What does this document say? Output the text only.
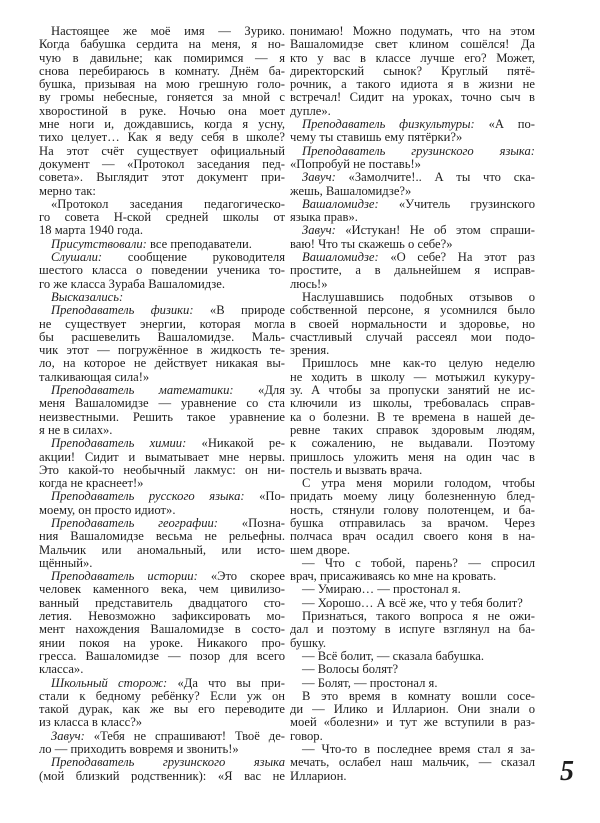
Настоящее же моё имя — Зурико.
Когда бабушка сердита на меня, я но-
чую в давильне; как помиримся — я
снова перебираюсь в комнату. Днём ба-
бушка, призывая на мою грешную голо-
ву громы небесные, гоняется за мной с
хворостиной в руке. Ночью она моет
мне ноги и, дождавшись, когда я усну,
тихо целует… Как я веду себя в школе?
На этот счёт существует официальный
документ — «Протокол заседания пед-
совета». Выглядит этот документ при-
мерно так:
«Протокол заседания педагогическо-
го совета Н-ской средней школы от
18 марта 1940 года.
Присутствовали: все преподаватели.
Слушали: сообщение руководителя
шестого класса о поведении ученика то-
го же класса Зураба Вашаломидзе.
Высказались:
Преподаватель физики: «В природе
не существует энергии, которая могла
бы расшевелить Вашаломидзе. Маль-
чик этот — погружённое в жидкость те-
ло, на которое не действует никакая вы-
талкивающая сила!»
Преподаватель математики: «Для
меня Вашаломидзе — уравнение со ста
неизвестными. Решить такое уравнение
я не в силах».
Преподаватель химии: «Никакой ре-
акции! Сидит и выматывает мне нервы.
Это какой-то необычный лакмус: он ни-
когда не краснеет!»
Преподаватель русского языка: «По-
моему, он просто идиот».
Преподаватель географии: «Позна-
ния Вашаломидзе весьма не рельефны.
Мальчик или аномальный, или исто-
щённый».
Преподаватель истории: «Это скорее
человек каменного века, чем цивилизо-
ванный представитель двадцатого сто-
летия. Невозможно зафиксировать мо-
мент нахождения Вашаломидзе в состо-
янии покоя на уроке. Никакого про-
гресса. Вашаломидзе — позор для всего
класса».
Школьный сторож: «Да что вы при-
стали к бедному ребёнку? Если уж он
такой дурак, как же вы его переводите
из класса в класс?»
Завуч: «Тебя не спрашивают! Твоё де-
ло — приходить вовремя и звонить!»
Преподаватель грузинского языка
(мой близкий родственник): «Я вас не
понимаю! Можно подумать, что на этом
Вашаломидзе свет клином сошёлся! Да
кто у вас в классе лучше его? Может,
директорский сынок? Круглый пятё-
рочник, а такого идиота я в жизни не
встречал! Сидит на уроках, точно сыч в
дупле».
Преподаватель физкультуры: «А по-
чему ты ставишь ему пятёрки?»
Преподаватель грузинского языка:
«Попробуй не поставь!»
Завуч: «Замолчите!.. А ты что ска-
жешь, Вашаломидзе?»
Вашаломидзе: «Учитель грузинского
языка прав».
Завуч: «Истукан! Не об этом спраши-
ваю! Что ты скажешь о себе?»
Вашаломидзе: «О себе? На этот раз
простите, а в дальнейшем я исправ-
люсь!»
Наслушавшись подобных отзывов о
собственной персоне, я усомнился было
в своей нормальности и здоровье, но
счастливый случай рассеял мои подо-
зрения.
Пришлось мне как-то целую неделю
не ходить в школу — мотыжил кукуру-
зу. А чтобы за пропуски занятий не ис-
ключили из школы, требовалась справ-
ка о болезни. В те времена в нашей де-
ревне таких справок здоровым людям,
к сожалению, не выдавали. Поэтому
пришлось уложить меня на один час в
постель и вызвать врача.
С утра меня морили голодом, чтобы
придать моему лицу болезненную блед-
ность, стянули голову полотенцем, и ба-
бушка отправилась за врачом. Через
полчаса врач осадил своего коня в на-
шем дворе.
— Что с тобой, парень? — спросил
врач, присаживаясь ко мне на кровать.
— Умираю… — простонал я.
— Хорошо… А всё же, что у тебя болит?
Признаться, такого вопроса я не ожи-
дал и поэтому в испуге взглянул на ба-
бушку.
— Всё болит, — сказала бабушка.
— Волосы болят?
— Болят, — простонал я.
В это время в комнату вошли сосе-
ди — Илико и Илларион. Они знали о
моей «болезни» и тут же вступили в раз-
говор.
— Что-то в последнее время стал я за-
мечать, ослабел наш мальчик, — сказал
Илларион.	5
